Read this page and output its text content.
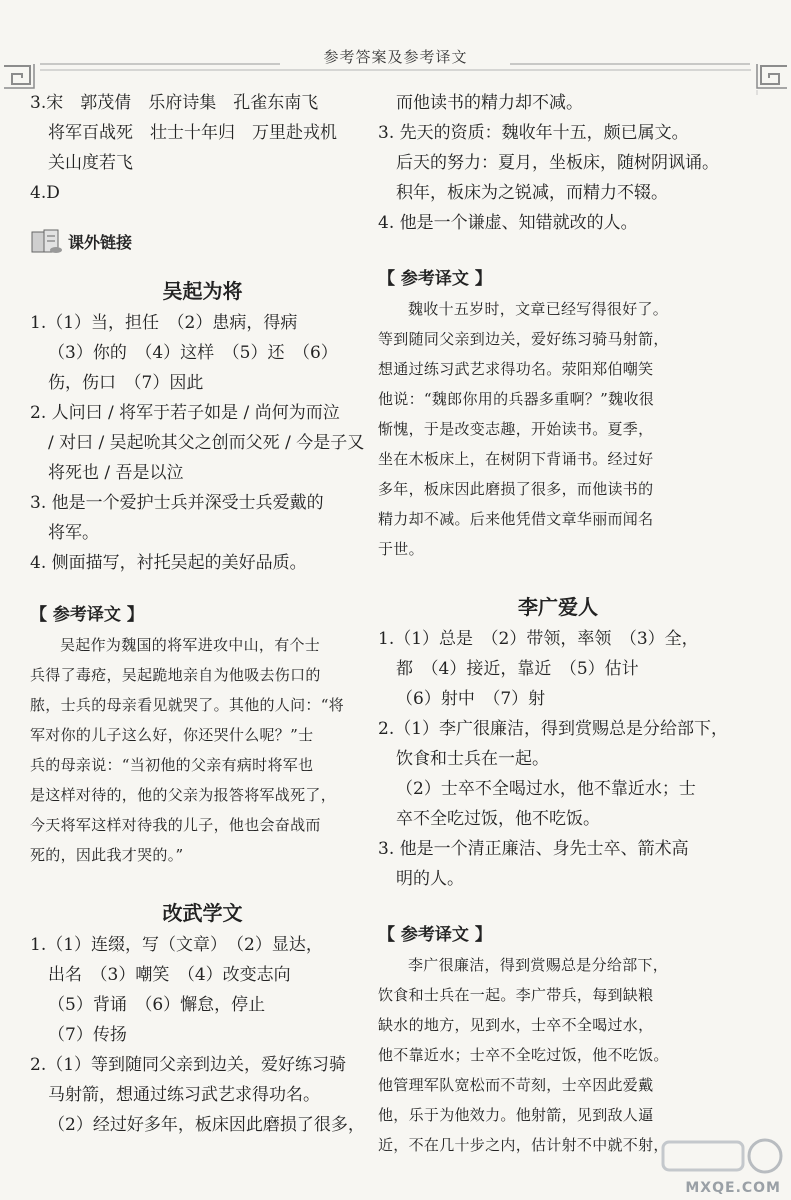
参考答案及参考译文
3.宋　郭茂倩　乐府诗集　孔雀东南飞
将军百战死　壮士十年归　万里赴戎机
关山度若飞
4.D
课外链接
吴起为将
1.（1）当，担任　（2）患病，得病
（3）你的　（4）这样　（5）还　（6）
伤，伤口　（7）因此
2. 人问曰 / 将军于若子如是 / 尚何为而泣
/ 对曰 / 吴起吮其父之创而父死 / 今是子又
将死也 / 吾是以泣
3. 他是一个爱护士兵并深受士兵爱戴的
将军。
4. 侧面描写，衬托吴起的美好品质。
【 参考译文 】
吴起作为魏国的将军进攻中山，有个士
兵得了毒疮，吴起跪地亲自为他吸去伤口的
脓，士兵的母亲看见就哭了。其他的人问：“将
军对你的儿子这么好，你还哭什么呢？”士
兵的母亲说：“当初他的父亲有病时将军也
是这样对待的，他的父亲为报答将军战死了，
今天将军这样对待我的儿子，他也会奋战而
死的，因此我才哭的。”
改武学文
1.（1）连缀，写（文章）　（2）显达，
出名　（3）嘲笑　（4）改变志向
（5）背诵　（6）懈怠，停止
（7）传扬
2.（1）等到随同父亲到边关，爱好练习骑
马射箭，想通过练习武艺求得功名。
（2）经过好多年，板床因此磨损了很多，
而他读书的精力却不减。
3. 先天的资质：魏收年十五，颇已属文。
后天的努力：夏月，坐板床，随树阴讽诵。
积年，板床为之锐减，而精力不辍。
4. 他是一个谦虚、知错就改的人。
【 参考译文 】
魏收十五岁时，文章已经写得很好了。
等到随同父亲到边关，爱好练习骑马射箭，
想通过练习武艺求得功名。荥阳郑伯嘲笑
他说：“魏郎你用的兵器多重啊？”魏收很
惭愧，于是改变志趣，开始读书。夏季，
坐在木板床上，在树阴下背诵书。经过好
多年，板床因此磨损了很多，而他读书的
精力却不减。后来他凭借文章华丽而闻名
于世。
李广爱人
1.（1）总是　（2）带领，率领　（3）全，
都　（4）接近，靠近　（5）估计
（6）射中　（7）射
2.（1）李广很廉洁，得到赏赐总是分给部下，
饮食和士兵在一起。
（2）士卒不全喝过水，他不靠近水；士
卒不全吃过饭，他不吃饭。
3. 他是一个清正廉洁、身先士卒、箭术高
明的人。
【 参考译文 】
李广很廉洁，得到赏赐总是分给部下，
饮食和士兵在一起。李广带兵，每到缺粮
缺水的地方，见到水，士卒不全喝过水，
他不靠近水；士卒不全吃过饭，他不吃饭。
他管理军队宽松而不苛刻，士卒因此爱戴
他，乐于为他效力。他射箭，见到敌人逼
近，不在几十步之内，估计射不中就不射，
MXQE.COM
